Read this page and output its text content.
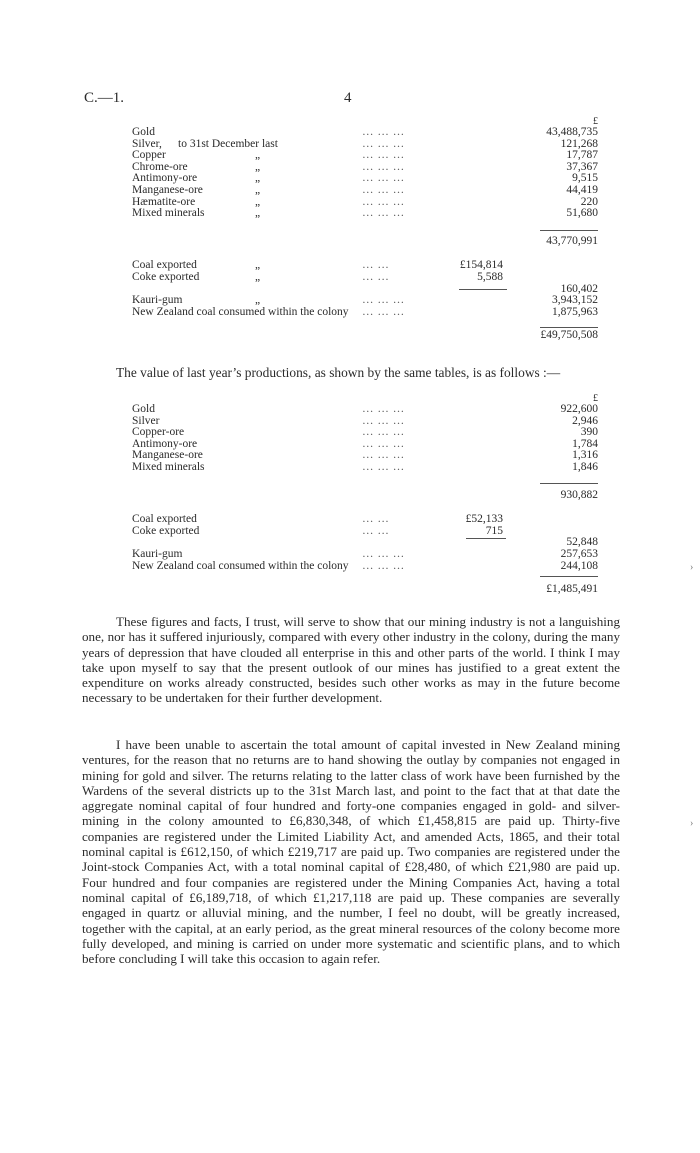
C.—1.	4
£
Gold	43,488,735
… … …
Silver, to 31st December last	121,268
… … …
Copper	„	17,787
… … …
Chrome-ore	„	37,367
… … …
Antimony-ore	„	9,515
… … …
Manganese-ore	„	44,419
… … …
Hæmatite-ore	„	220
… … …
Mixed minerals	„	51,680
… … …
43,770,991
Coal exported	„	£154,814
… …
Coke exported	„	5,588
… …
160,402
Kauri-gum	„	3,943,152
… … …
New Zealand coal consumed within the colony	1,875,963
… … …
£49,750,508

The value of last year’s productions, as shown by the same tables, is as follows :—

£
Gold	922,600
… … …
Silver	2,946
… … …
Copper-ore	390
… … …
Antimony-ore	1,784
… … …
Manganese-ore	1,316
… … …
Mixed minerals	1,846
… … …
930,882
Coal exported	£52,133
… …
Coke exported	715
… …
52,848
Kauri-gum	257,653
… … …
New Zealand coal consumed within the colony	244,108
… … …
£1,485,491

These figures and facts, I trust, will serve to show that our mining industry is not a languishing one, nor has it suffered injuriously, compared with every other industry in the colony, during the many years of depression that have clouded all enterprise in this and other parts of the world. I think I may take upon myself to say that the present outlook of our mines has justified to a great extent the expenditure on works already constructed, besides such other works as may in the future become necessary to be undertaken for their further development.

I have been unable to ascertain the total amount of capital invested in New Zealand mining ventures, for the reason that no returns are to hand showing the outlay by companies not engaged in mining for gold and silver. The returns relating to the latter class of work have been furnished by the Wardens of the several districts up to the 31st March last, and point to the fact that at that date the aggregate nominal capital of four hundred and forty-one companies engaged in gold- and silver-mining in the colony amounted to £6,830,348, of which £1,458,815 are paid up. Thirty-five companies are registered under the Limited Liability Act, and amended Acts, 1865, and their total nominal capital is £612,150, of which £219,717 are paid up. Two companies are registered under the Joint-stock Companies Act, with a total nominal capital of £28,480, of which £21,980 are paid up. Four hundred and four companies are registered under the Mining Companies Act, having a total nominal capital of £6,189,718, of which £1,217,118 are paid up. These companies are severally engaged in quartz or alluvial mining, and the number, I feel no doubt, will be greatly increased, together with the capital, at an early period, as the great mineral resources of the colony become more fully developed, and mining is carried on under more systematic and scientific plans, and to which before concluding I will take this occasion to again refer.

›
›
